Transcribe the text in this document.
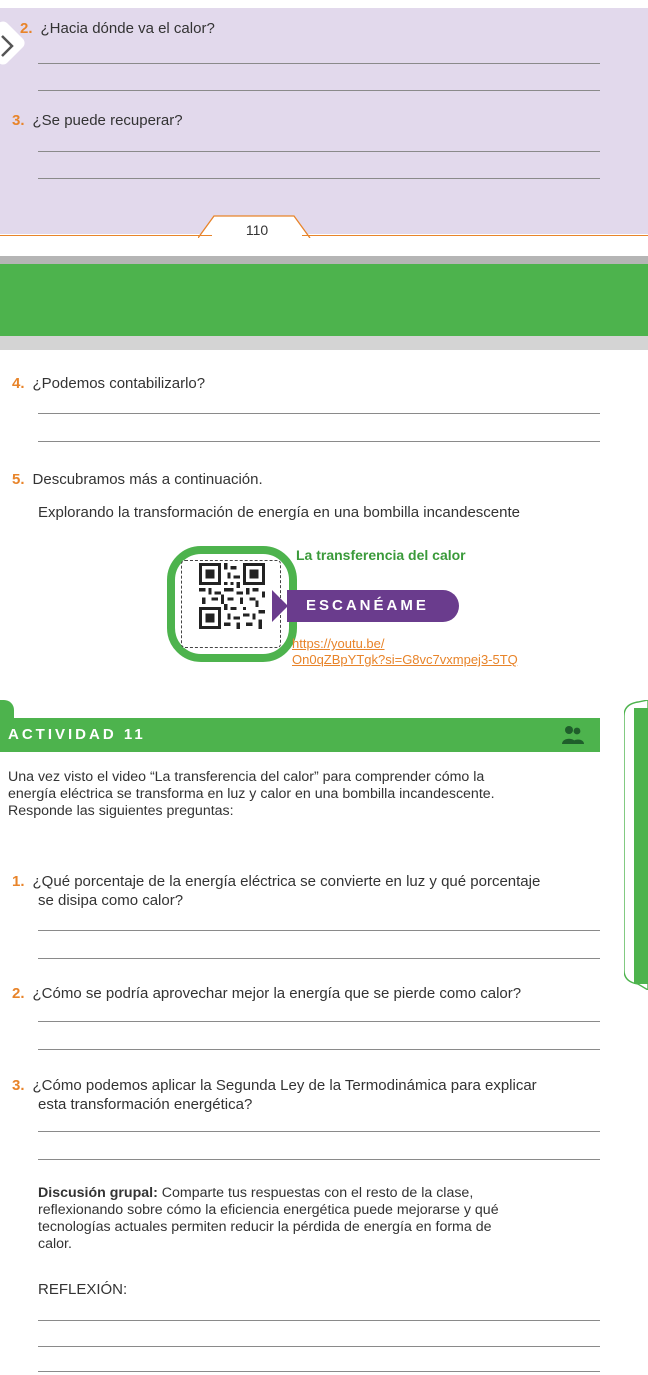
2. ¿Hacia dónde va el calor?
3. ¿Se puede recuperar?
110
4. ¿Podemos contabilizarlo?
5. Descubramos más a continuación.
Explorando la transformación de energía en una bombilla incandescente
ESCANÉAME
La transferencia del calor
https://youtu.be/
On0qZBpYTgk?si=G8vc7vxmpej3-5TQ
ACTIVIDAD 11
Una vez visto el video “La transferencia del calor” para comprender cómo la
energía eléctrica se transforma en luz y calor en una bombilla incandescente.
Responde las siguientes preguntas:
1. ¿Qué porcentaje de la energía eléctrica se convierte en luz y qué porcentaje
se disipa como calor?
2. ¿Cómo se podría aprovechar mejor la energía que se pierde como calor?
3. ¿Cómo podemos aplicar la Segunda Ley de la Termodinámica para explicar
esta transformación energética?
Discusión grupal: Comparte tus respuestas con el resto de la clase,
reflexionando sobre cómo la eficiencia energética puede mejorarse y qué
tecnologías actuales permiten reducir la pérdida de energía en forma de
calor.
REFLEXIÓN:
